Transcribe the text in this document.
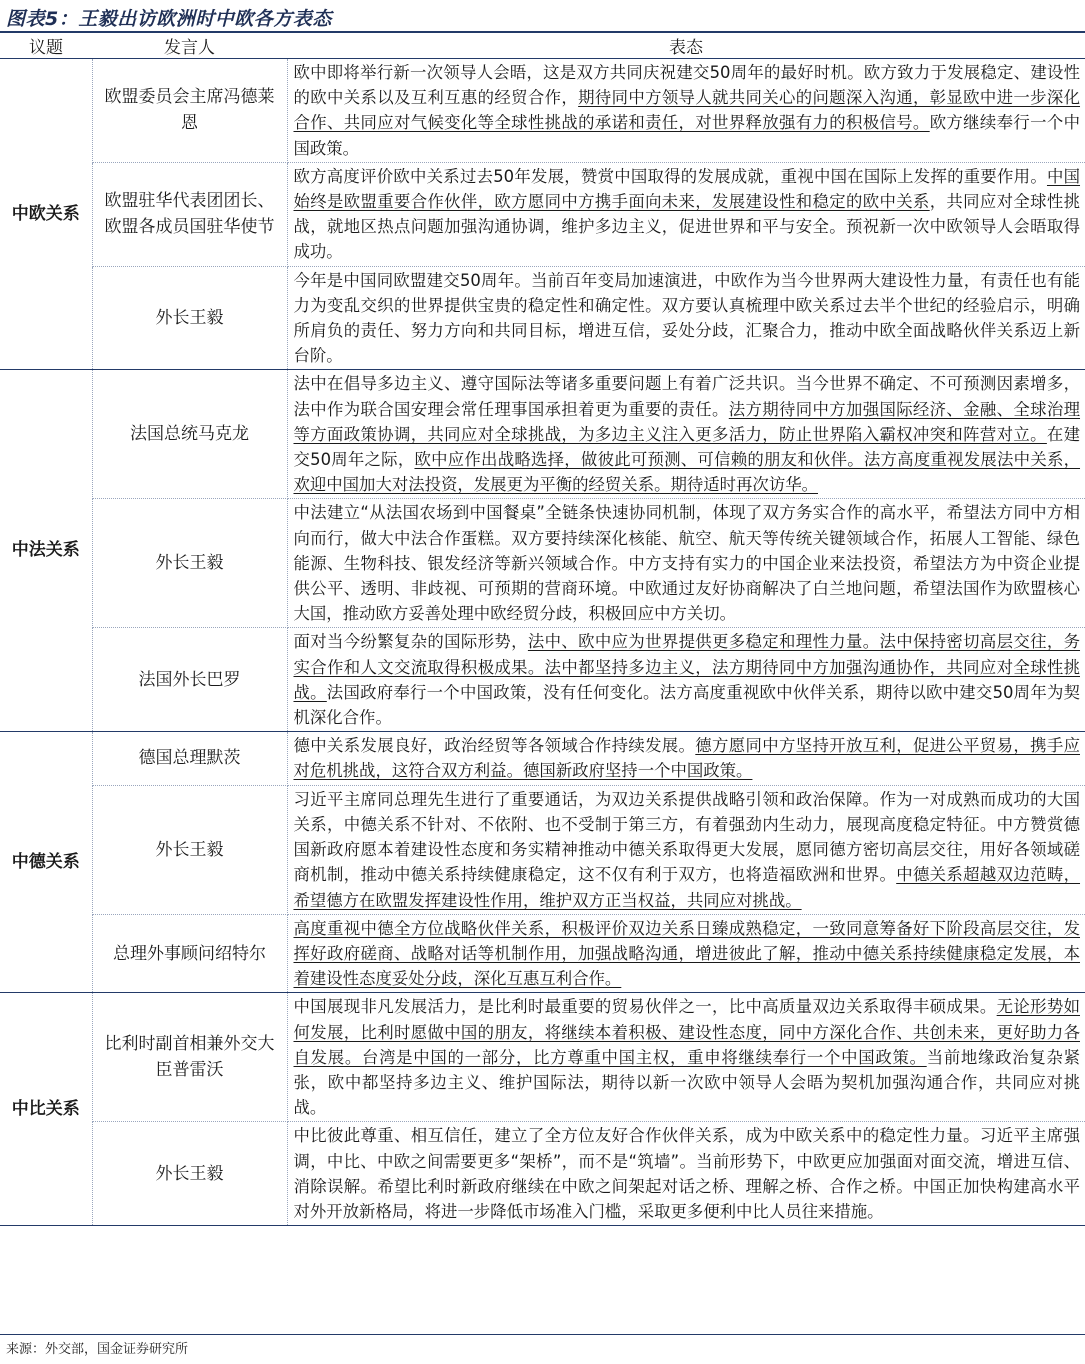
图表5：王毅出访欧洲时中欧各方表态
议题	发言人	表态
中欧关系	欧盟委员会主席冯德莱恩	欧中即将举行新一次领导人会晤，这是双方共同庆祝建交50周年的最好时机。欧方致力于发展稳定、建设性的欧中关系以及互利互惠的经贸合作，期待同中方领导人就共同关心的问题深入沟通，彰显欧中进一步深化合作、共同应对气候变化等全球性挑战的承诺和责任，对世界释放强有力的积极信号。欧方继续奉行一个中国政策。
	欧盟驻华代表团团长、欧盟各成员国驻华使节	欧方高度评价欧中关系过去50年发展，赞赏中国取得的发展成就，重视中国在国际上发挥的重要作用。中国始终是欧盟重要合作伙伴，欧方愿同中方携手面向未来，发展建设性和稳定的欧中关系，共同应对全球性挑战，就地区热点问题加强沟通协调，维护多边主义，促进世界和平与安全。预祝新一次中欧领导人会晤取得成功。
	外长王毅	今年是中国同欧盟建交50周年。当前百年变局加速演进，中欧作为当今世界两大建设性力量，有责任也有能力为变乱交织的世界提供宝贵的稳定性和确定性。双方要认真梳理中欧关系过去半个世纪的经验启示，明确所肩负的责任、努力方向和共同目标，增进互信，妥处分歧，汇聚合力，推动中欧全面战略伙伴关系迈上新台阶。
中法关系	法国总统马克龙	法中在倡导多边主义、遵守国际法等诸多重要问题上有着广泛共识。当今世界不确定、不可预测因素增多，法中作为联合国安理会常任理事国承担着更为重要的责任。法方期待同中方加强国际经济、金融、全球治理等方面政策协调，共同应对全球挑战，为多边主义注入更多活力，防止世界陷入霸权冲突和阵营对立。在建交50周年之际，欧中应作出战略选择，做彼此可预测、可信赖的朋友和伙伴。法方高度重视发展法中关系，欢迎中国加大对法投资，发展更为平衡的经贸关系。期待适时再次访华。
	外长王毅	中法建立“从法国农场到中国餐桌”全链条快速协同机制，体现了双方务实合作的高水平，希望法方同中方相向而行，做大中法合作蛋糕。双方要持续深化核能、航空、航天等传统关键领域合作，拓展人工智能、绿色能源、生物科技、银发经济等新兴领域合作。中方支持有实力的中国企业来法投资，希望法方为中资企业提供公平、透明、非歧视、可预期的营商环境。中欧通过友好协商解决了白兰地问题，希望法国作为欧盟核心大国，推动欧方妥善处理中欧经贸分歧，积极回应中方关切。
	法国外长巴罗	面对当今纷繁复杂的国际形势，法中、欧中应为世界提供更多稳定和理性力量。法中保持密切高层交往，务实合作和人文交流取得积极成果。法中都坚持多边主义，法方期待同中方加强沟通协作，共同应对全球性挑战。法国政府奉行一个中国政策，没有任何变化。法方高度重视欧中伙伴关系，期待以欧中建交50周年为契机深化合作。
中德关系	德国总理默茨	德中关系发展良好，政治经贸等各领域合作持续发展。德方愿同中方坚持开放互利，促进公平贸易，携手应对危机挑战，这符合双方利益。德国新政府坚持一个中国政策。
	外长王毅	习近平主席同总理先生进行了重要通话，为双边关系提供战略引领和政治保障。作为一对成熟而成功的大国关系，中德关系不针对、不依附、也不受制于第三方，有着强劲内生动力，展现高度稳定特征。中方赞赏德国新政府愿本着建设性态度和务实精神推动中德关系取得更大发展，愿同德方密切高层交往，用好各领域磋商机制，推动中德关系持续健康稳定，这不仅有利于双方，也将造福欧洲和世界。中德关系超越双边范畴，希望德方在欧盟发挥建设性作用，维护双方正当权益，共同应对挑战。
	总理外事顾问绍特尔	高度重视中德全方位战略伙伴关系，积极评价双边关系日臻成熟稳定，一致同意筹备好下阶段高层交往，发挥好政府磋商、战略对话等机制作用，加强战略沟通，增进彼此了解，推动中德关系持续健康稳定发展，本着建设性态度妥处分歧，深化互惠互利合作。
中比关系	比利时副首相兼外交大臣普雷沃	中国展现非凡发展活力，是比利时最重要的贸易伙伴之一，比中高质量双边关系取得丰硕成果。无论形势如何发展，比利时愿做中国的朋友，将继续本着积极、建设性态度，同中方深化合作、共创未来，更好助力各自发展。台湾是中国的一部分，比方尊重中国主权，重申将继续奉行一个中国政策。当前地缘政治复杂紧张，欧中都坚持多边主义、维护国际法，期待以新一次欧中领导人会晤为契机加强沟通合作，共同应对挑战。
	外长王毅	中比彼此尊重、相互信任，建立了全方位友好合作伙伴关系，成为中欧关系中的稳定性力量。习近平主席强调，中比、中欧之间需要更多“架桥”，而不是“筑墙”。当前形势下，中欧更应加强面对面交流，增进互信、消除误解。希望比利时新政府继续在中欧之间架起对话之桥、理解之桥、合作之桥。中国正加快构建高水平对外开放新格局，将进一步降低市场准入门槛，采取更多便利中比人员往来措施。
来源：外交部，国金证券研究所
